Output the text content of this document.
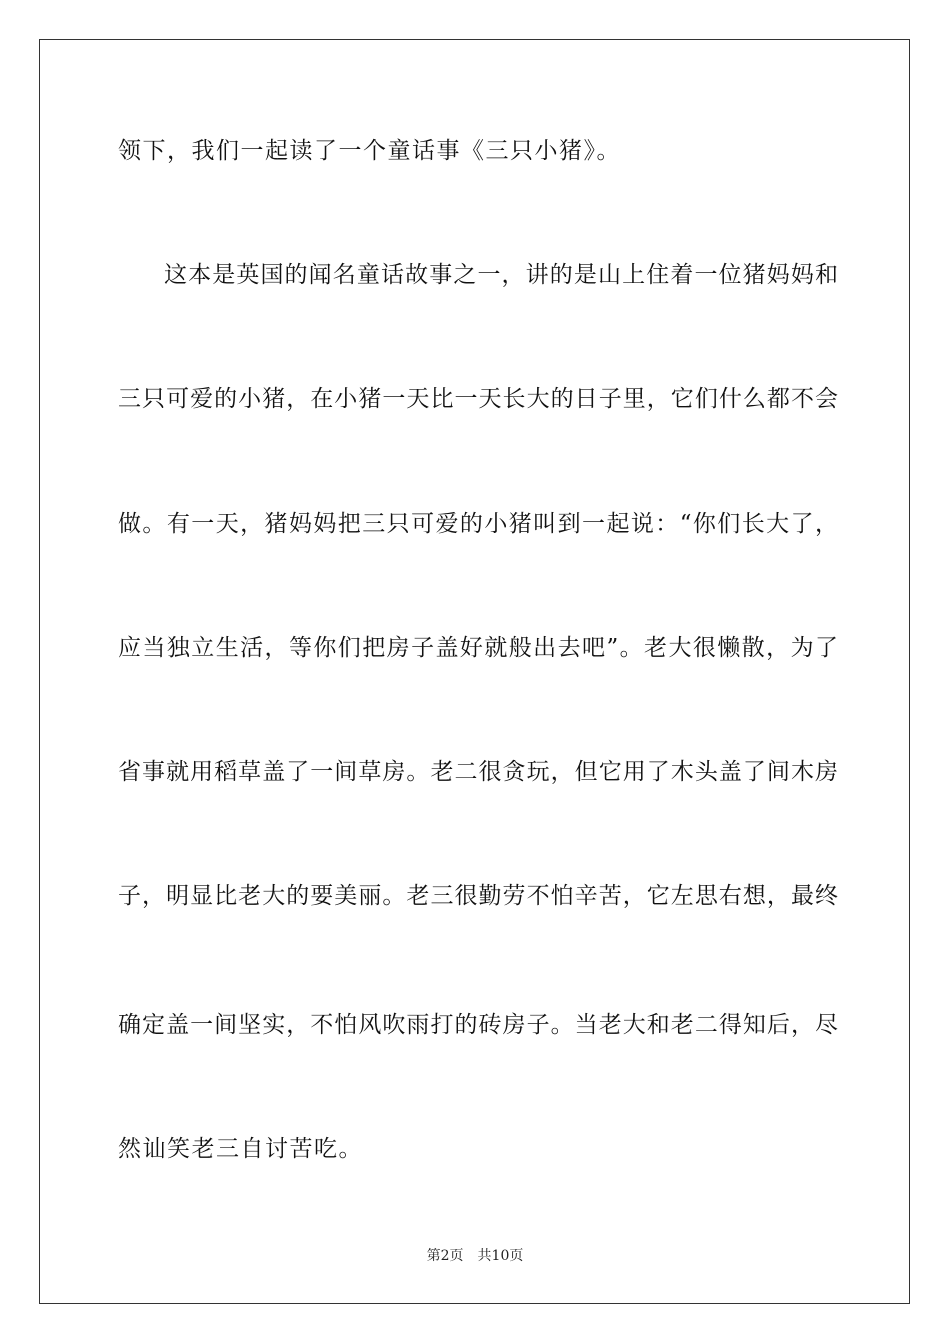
领下，我们一起读了一个童话事《三只小猪》。
这本是英国的闻名童话故事之一，讲的是山上住着一位猪妈妈和
三只可爱的小猪，在小猪一天比一天长大的日子里，它们什么都不会
做。有一天，猪妈妈把三只可爱的小猪叫到一起说：“你们长大了，
应当独立生活，等你们把房子盖好就般出去吧”。老大很懒散，为了
省事就用稻草盖了一间草房。老二很贪玩，但它用了木头盖了间木房
子，明显比老大的要美丽。老三很勤劳不怕辛苦，它左思右想，最终
确定盖一间坚实，不怕风吹雨打的砖房子。当老大和老二得知后，尽
然讪笑老三自讨苦吃。
第2页 共10页
